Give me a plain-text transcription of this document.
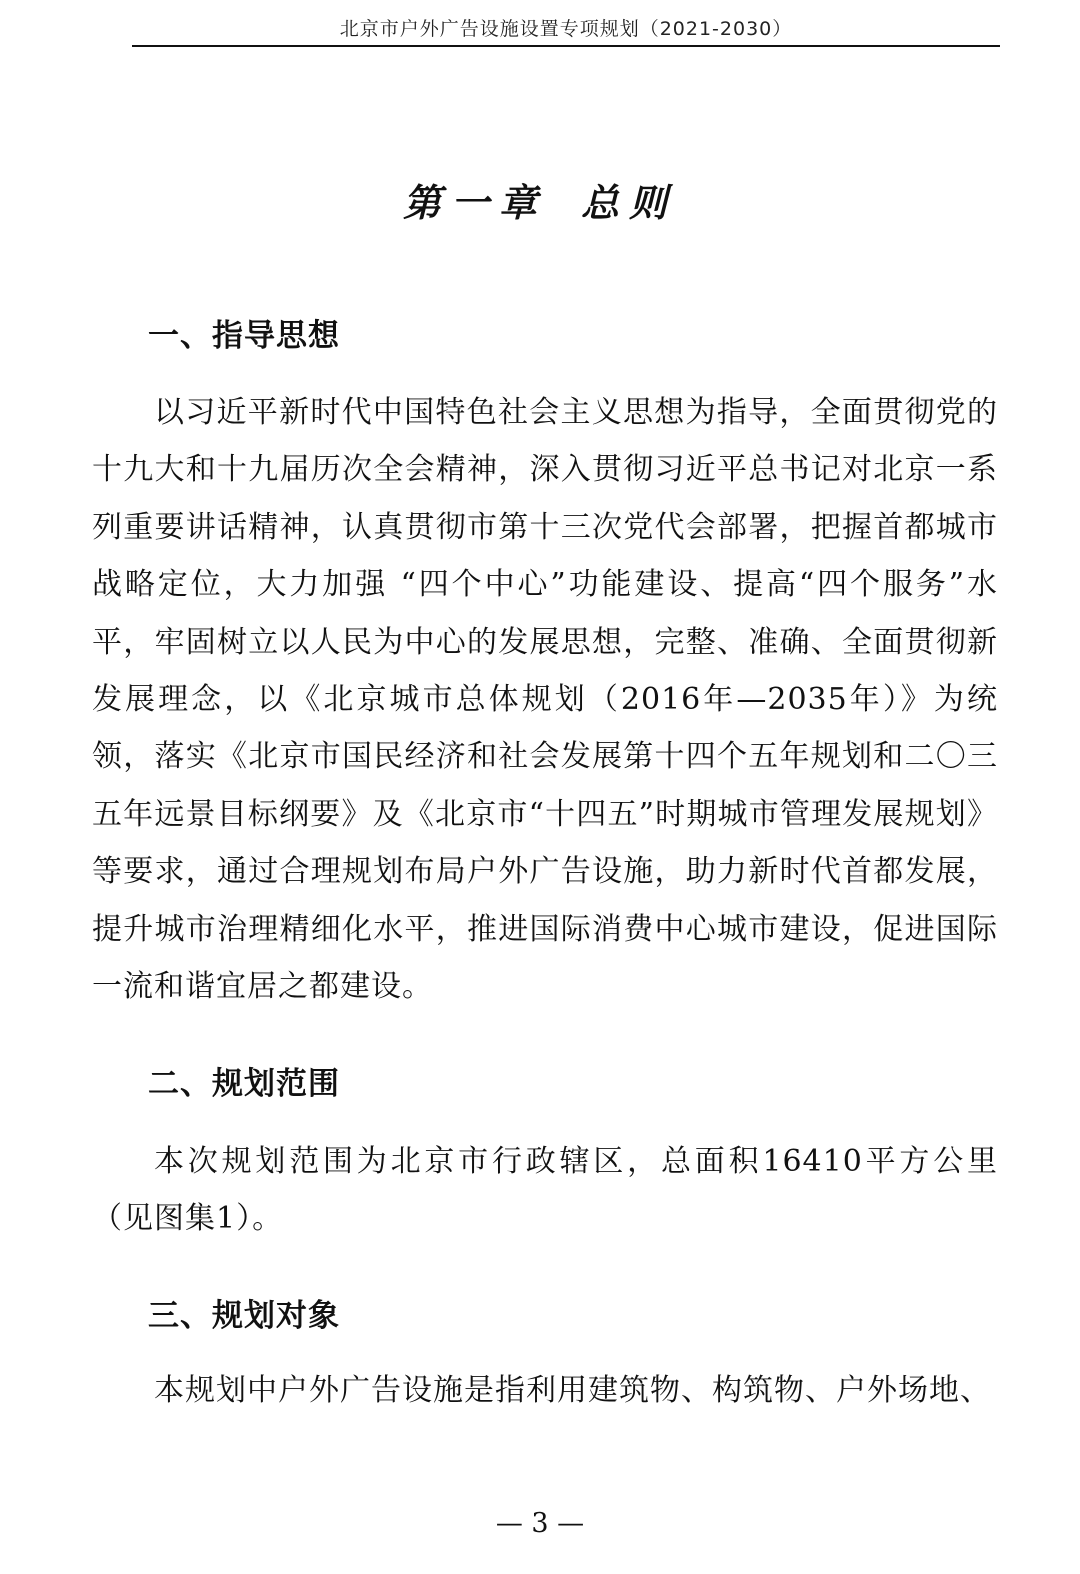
北京市户外广告设施设置专项规划（2021-2030）
第一章 总则
一、指导思想

以习近平新时代中国特色社会主义思想为指导，全面贯彻党的十九大和十九届历次全会精神，深入贯彻习近平总书记对北京一系列重要讲话精神，认真贯彻市第十三次党代会部署，把握首都城市战略定位，大力加强 “四个中心”功能建设、提高“四个服务”水平，牢固树立以人民为中心的发展思想，完整、准确、全面贯彻新发展理念，以《北京城市总体规划（2016年—2035年）》为统领，落实《北京市国民经济和社会发展第十四个五年规划和二〇三五年远景目标纲要》及《北京市“十四五”时期城市管理发展规划》等要求，通过合理规划布局户外广告设施，助力新时代首都发展，提升城市治理精细化水平，推进国际消费中心城市建设，促进国际一流和谐宜居之都建设。

二、规划范围

本次规划范围为北京市行政辖区，总面积16410平方公里（见图集1）。

三、规划对象

本规划中户外广告设施是指利用建筑物、构筑物、户外场地、

— 3 —
